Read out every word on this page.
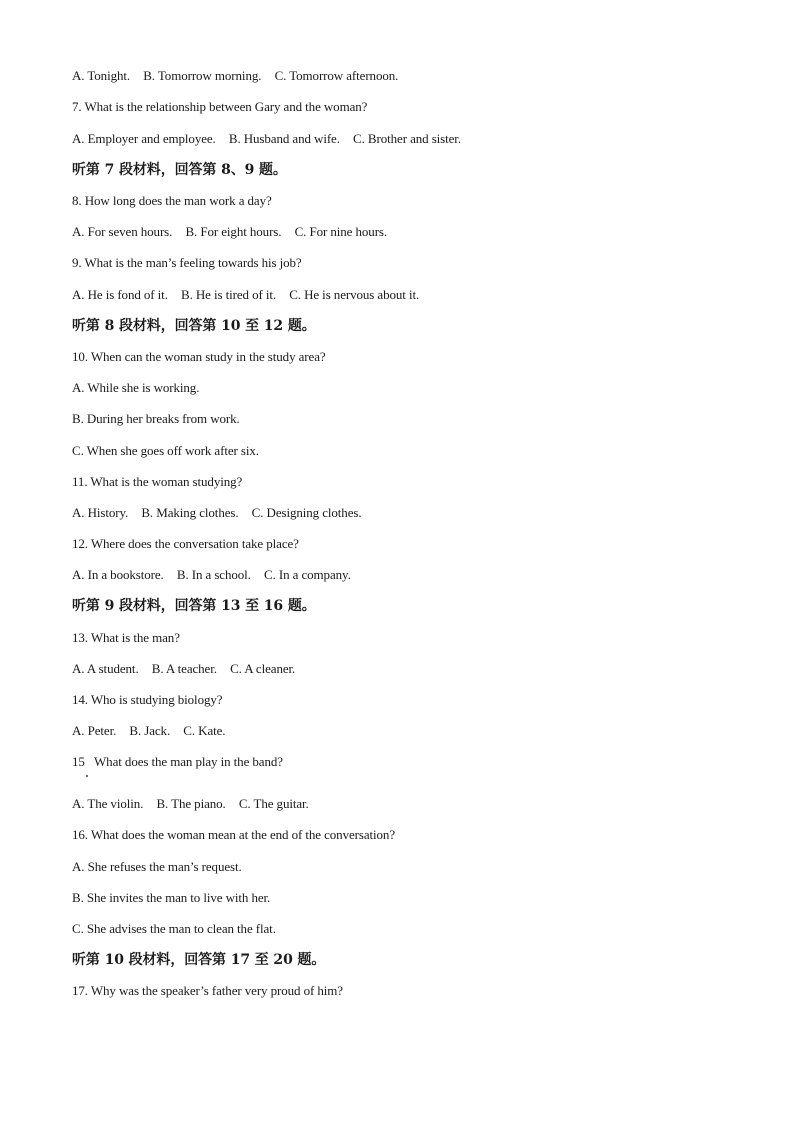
A. Tonight. B. Tomorrow morning. C. Tomorrow afternoon.
7. What is the relationship between Gary and the woman?
A. Employer and employee. B. Husband and wife. C. Brother and sister.
听第 7 段材料，回答第 8、9 题。
8. How long does the man work a day?
A. For seven hours. B. For eight hours. C. For nine hours.
9. What is the man’s feeling towards his job?
A. He is fond of it. B. He is tired of it. C. He is nervous about it.
听第 8 段材料，回答第 10 至 12 题。
10. When can the woman study in the study area?
A. While she is working.
B. During her breaks from work.
C. When she goes off work after six.
11. What is the woman studying?
A. History. B. Making clothes. C. Designing clothes.
12. Where does the conversation take place?
A. In a bookstore. B. In a school. C. In a company.
听第 9 段材料，回答第 13 至 16 题。
13. What is the man?
A. A student. B. A teacher. C. A cleaner.
14. Who is studying biology?
A. Peter. B. Jack. C. Kate.
15   What does the man play in the band?
A. The violin. B. The piano. C. The guitar.
16. What does the woman mean at the end of the conversation?
A. She refuses the man’s request.
B. She invites the man to live with her.
C. She advises the man to clean the flat.
听第 10 段材料，回答第 17 至 20 题。
17. Why was the speaker’s father very proud of him?
